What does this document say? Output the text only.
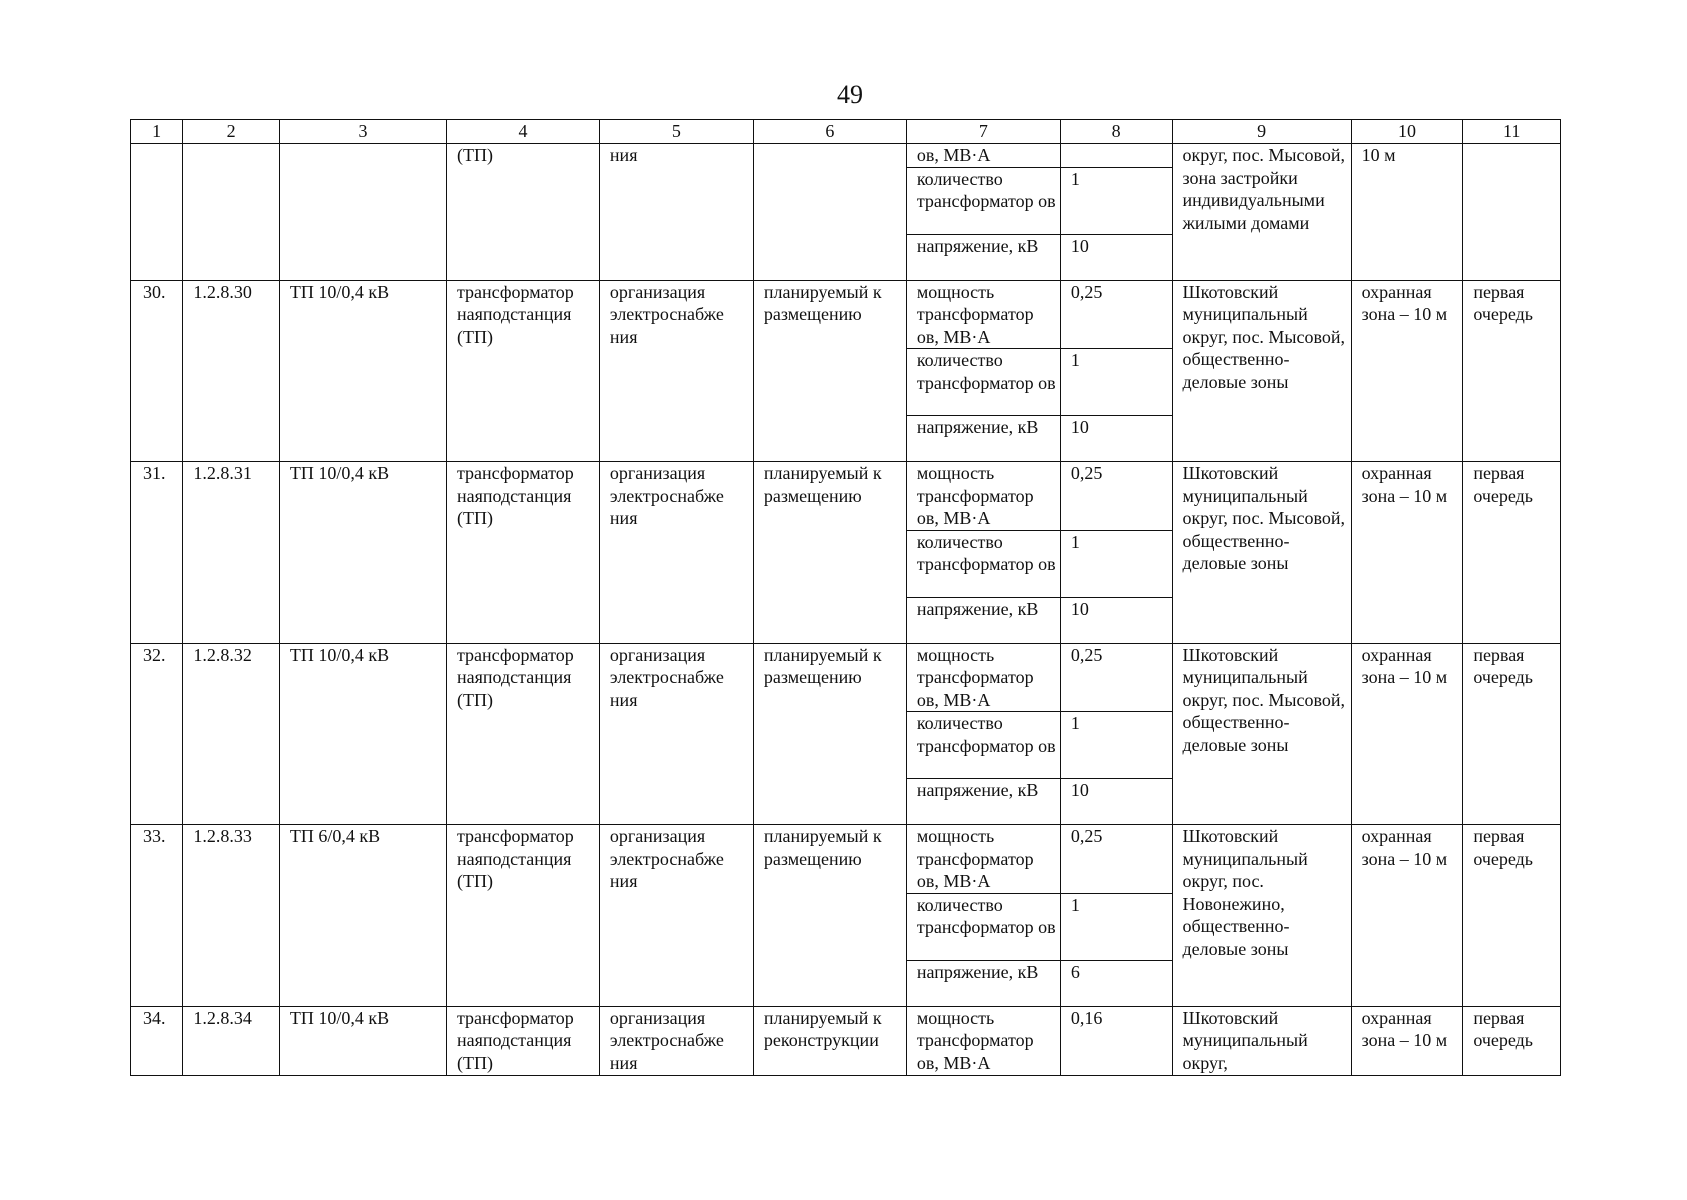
49
1	2	3	4	5	6	7	8	9	10	11
			(ТП)	ния		ов, МВ·А		округ, пос. Мысовой, зона застройки индивидуальными жилыми домами	10 м	
						количество трансформатор ов	1			
						напряжение, кВ	10			
30.	1.2.8.30	ТП 10/0,4 кВ	трансформатор наяподстанция (ТП)	организация электроснабже ния	планируемый к размещению	мощность трансформатор ов, МВ·А	0,25	Шкотовский муниципальный округ, пос. Мысовой, общественно-деловые зоны	охранная зона – 10 м	первая очередь
						количество трансформатор ов	1			
						напряжение, кВ	10			
31.	1.2.8.31	ТП 10/0,4 кВ	трансформатор наяподстанция (ТП)	организация электроснабже ния	планируемый к размещению	мощность трансформатор ов, МВ·А	0,25	Шкотовский муниципальный округ, пос. Мысовой, общественно-деловые зоны	охранная зона – 10 м	первая очередь
						количество трансформатор ов	1			
						напряжение, кВ	10			
32.	1.2.8.32	ТП 10/0,4 кВ	трансформатор наяподстанция (ТП)	организация электроснабже ния	планируемый к размещению	мощность трансформатор ов, МВ·А	0,25	Шкотовский муниципальный округ, пос. Мысовой, общественно-деловые зоны	охранная зона – 10 м	первая очередь
						количество трансформатор ов	1			
						напряжение, кВ	10			
33.	1.2.8.33	ТП 6/0,4 кВ	трансформатор наяподстанция (ТП)	организация электроснабже ния	планируемый к размещению	мощность трансформатор ов, МВ·А	0,25	Шкотовский муниципальный округ, пос. Новонежино, общественно-деловые зоны	охранная зона – 10 м	первая очередь
						количество трансформатор ов	1			
						напряжение, кВ	6			
34.	1.2.8.34	ТП 10/0,4 кВ	трансформатор наяподстанция (ТП)	организация электроснабже ния	планируемый к реконструкции	мощность трансформатор ов, МВ·А	0,16	Шкотовский муниципальный округ,	охранная зона – 10 м	первая очередь
